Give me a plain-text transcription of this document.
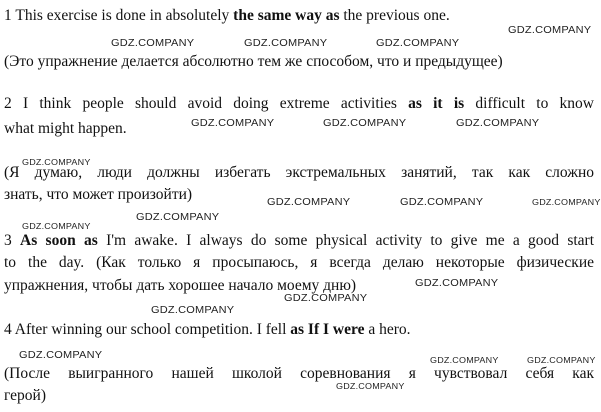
1 This exercise is done in absolutely the same way as the previous one.
(Это упражнение делается абсолютно тем же способом, что и предыдущее)
2 I think people should avoid doing extreme activities as it is difficult to know
what might happen.
(Я думаю, люди должны избегать экстремальных занятий, так как сложно
знать, что может произойти)
3 As soon as I'm awake. I always do some physical activity to give me a good start
to the day. (Как только я просыпаюсь, я всегда делаю некоторые физические
упражнения, чтобы дать хорошее начало моему дню)
4 After winning our school competition. I fell as If I were a hero.
(После выигранного нашей школой соревнования я чувствовал себя как
герой)
GDZ.COMPANY	GDZ.COMPANY	GDZ.COMPANY
GDZ.COMPANY
GDZ.COMPANY	GDZ.COMPANY	GDZ.COMPANY
GDZ.COMPANY
GDZ.COMPANY	GDZ.COMPANY	GDZ.COMPANY
GDZ.COMPANY
GDZ.COMPANY
GDZ.COMPANY
GDZ.COMPANY
GDZ.COMPANY
GDZ.COMPANY	GDZ.COMPANY	GDZ.COMPANY
GDZ.COMPANY
